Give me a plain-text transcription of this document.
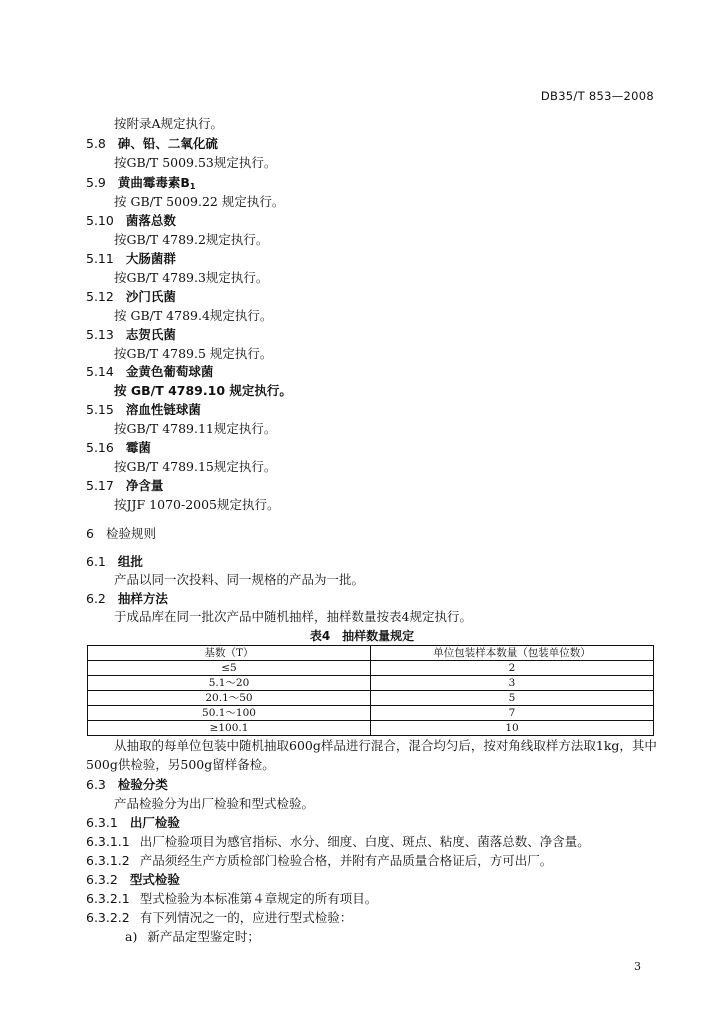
DB35/T 853—2008
按附录A规定执行。
5.8 砷、铅、二氧化硫
按GB/T 5009.53规定执行。
5.9 黄曲霉毒素$B_1$
按 GB/T 5009.22 规定执行。
5.10 菌落总数
按GB/T 4789.2规定执行。
5.11 大肠菌群
按GB/T 4789.3规定执行。
5.12 沙门氏菌
按 GB/T 4789.4规定执行。
5.13 志贺氏菌
按GB/T 4789.5 规定执行。
5.14 金黄色葡萄球菌
按 GB/T 4789.10 规定执行。
5.15 溶血性链球菌
按GB/T 4789.11规定执行。
5.16 霉菌
按GB/T 4789.15规定执行。
5.17 净含量
按JJF 1070-2005规定执行。
6 检验规则
6.1 组批
产品以同一次投料、同一规格的产品为一批。
6.2 抽样方法
于成品库在同一批次产品中随机抽样，抽样数量按表4规定执行。
表4　抽样数量规定
基数（T）	单位包装样本数量（包装单位数）
≤5	2
5.1～20	3
20.1～50	5
50.1～100	7
≥100.1	10
从抽取的每单位包装中随机抽取600g样品进行混合，混合均匀后，按对角线取样方法取1kg，其中
500g供检验，另500g留样备检。
6.3 检验分类
产品检验分为出厂检验和型式检验。
6.3.1 出厂检验
6.3.1.1 出厂检验项目为感官指标、水分、细度、白度、斑点、粘度、菌落总数、净含量。
6.3.1.2 产品须经生产方质检部门检验合格，并附有产品质量合格证后，方可出厂。
6.3.2 型式检验
6.3.2.1 型式检验为本标准第４章规定的所有项目。
6.3.2.2 有下列情况之一的，应进行型式检验：
a) 新产品定型鉴定时；
3
